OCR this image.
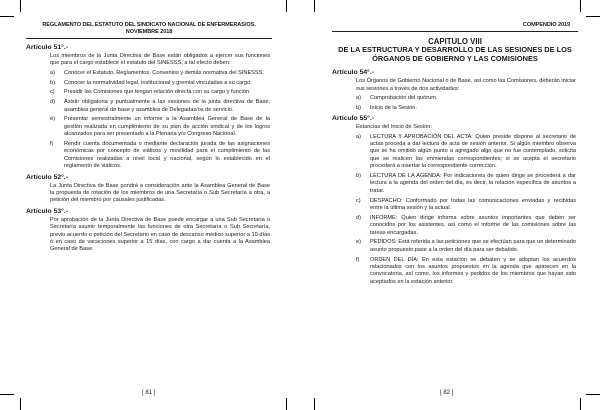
REGLAMENTO DEL ESTATUTO DEL SINDICATO NACIONAL DE ENFERMERAS/OS.
NOVIEMBRE 2018
Artículo 51°.-

Los miembros de la Junta Directiva de Base están obligados a ejercer sus funciones que para el cargo establece el estatuto del SINESSS, a tal efecto deben:

a) Conocer el Estatuto, Reglamentos, Convenios y demás normativa del SINESSS.
b) Conocer la normatividad legal, institucional y gremial vinculadas a su cargo.
c) Presidir las Comisiones que tengan relación directa con su cargo y función.
d) Asistir obligatoria y puntualmente a las sesiones de la junta directiva de Base, asamblea general de base y asamblea de Delegadas/os de servicio.
e) Presentar semestralmente un informe a la Asamblea General de Base de la gestión realizada en cumplimiento de su plan de acción sindical y de los logros alcanzados para ser presentado a la Plenaria y/o Congreso Nacional.
f) Rendir cuenta documentada o mediante declaración jurada de las asignaciones económicas por concepto de viáticos y movilidad para el cumplimiento de las Comisiones realizadas a nivel local y nacional, según lo establecido en el reglamento de viáticos.
Artículo 52°.-

La Junta Directiva de Base pondrá a consideración ante la Asamblea General de Base la propuesta de rotación de los miembros de una Secretaría o Sub Secretaría a otra, a petición del miembro por causales justificadas.

Artículo 53°.-

Por aprobación de la Junta Directiva de Base puede encargar a una Sub Secretaría o Secretaría asumir temporalmente las funciones de otra Secretaría o Sub Secretaría, previo acuerdo o petición del Secretario en caso de descanso médico superior a 10 días ó en caso de vacaciones superior a 15 días, con cargo a dar cuenta a la Asamblea General de Base.

[ 81 ]
COMPENDIO 2019
CAPITULO VIII
DE LA ESTRUCTURA Y DESARROLLO DE LAS SESIONES DE LOS ÓRGANOS DE GOBIERNO Y LAS COMISIONES
Artículo 54°.-

Los Órganos de Gobierno Nacional o de Base, así como las Comisiones, deberán iniciar sus sesiones a través de dos actividades:

a) Comprobación del quórum.
b) Inicio de la Sesión.
Artículo 55°.-

Estancias del Inicio de Sesión:

a) LECTURA Y APROBACIÓN DEL ACTA: Quien preside dispone al secretario de actas proceda a dar lectura de acta de sesión anterior. Si algún miembro observa que se ha omitido algún punto a agregado algo que no fue contemplado, solicita que se realicen las enmiendas correspondientes; si se acepta el secretario procederá a insertar la correspondiente corrección.
b) LECTURA DE LA AGENDA: Por indicaciones de quien dirige se procederá a dar lectura a la agenda del orden del día, es decir, la relación específica de asuntos a tratar.
c) DESPACHO: Conformado por todas las comunicaciones enviadas y recibidas entre la última sesión y la actual.
d) INFORME: Quien dirige informa sobre asuntos importantes que deben ser conocidos por los asistentes, así como el informe de las comisiones sobre las tareas encargadas.
e) PEDIDOS: Está referida a las peticiones que se efectúan para que un determinado asunto propuesto pase a la orden del día para ser debatido.
f) ORDEN DEL DÍA: En esta estación se debaten y se adoptan los acuerdos relacionados con los asuntos propuestos en la agenda que aparecen en la convocatoria, así como, los informes y pedidos de los miembros que hayan sido aceptados en la estación anterior.
[ 82 ]
